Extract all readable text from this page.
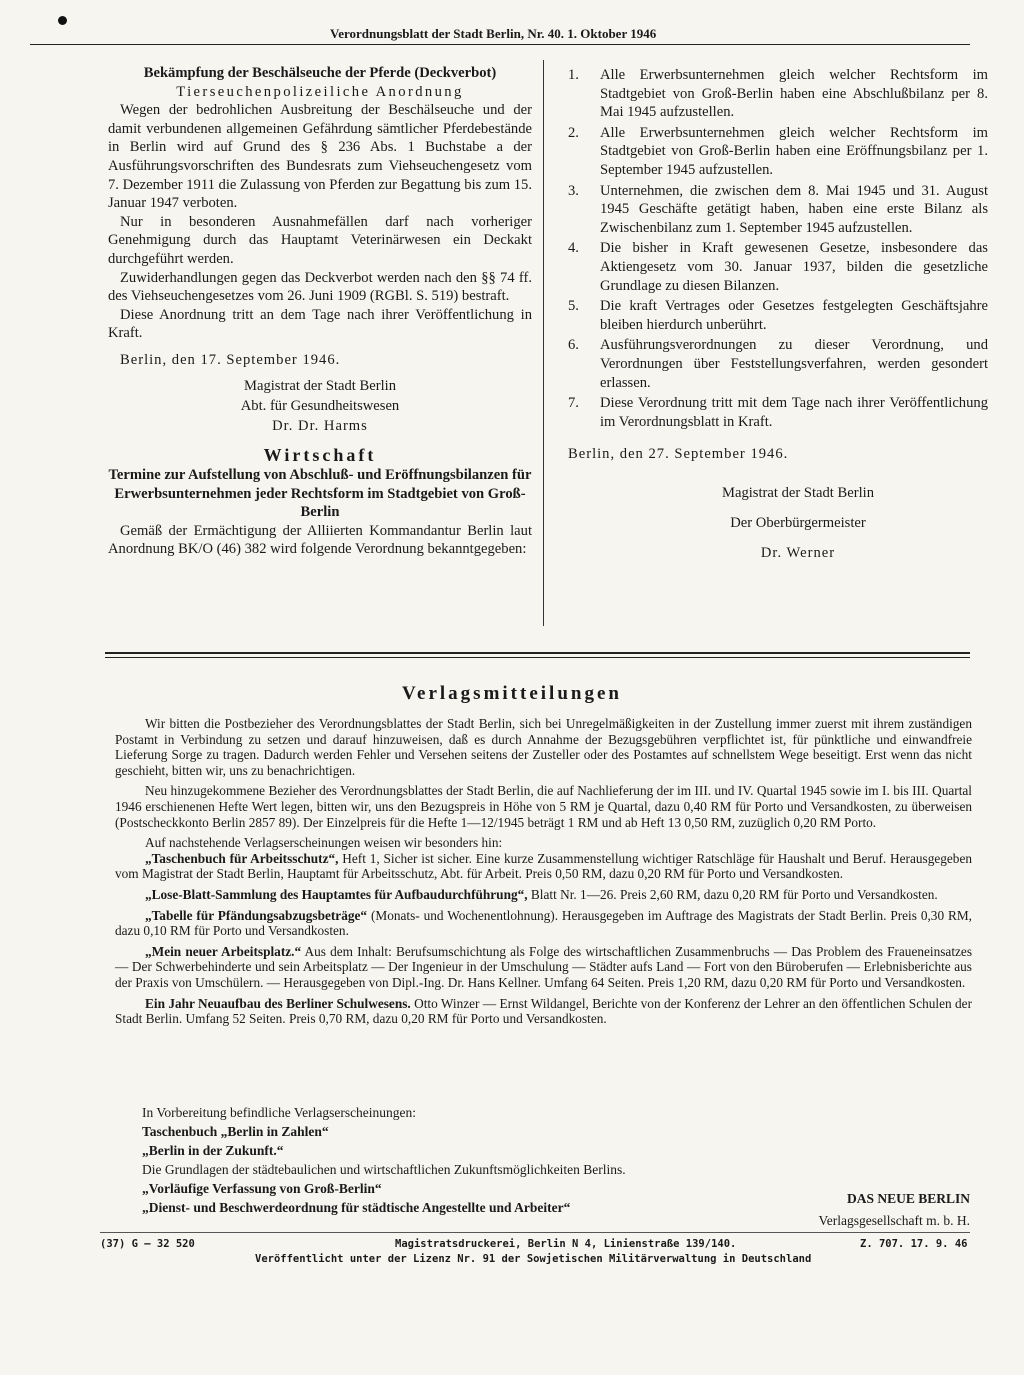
Verordnungsblatt der Stadt Berlin, Nr. 40. 1. Oktober 1946
Bekämpfung der Beschälseuche der Pferde (Deckverbot)
Tierseuchenpolizeiliche Anordnung

Wegen der bedrohlichen Ausbreitung der Beschälseuche und der damit verbundenen allgemeinen Gefährdung sämtlicher Pferdebestände in Berlin wird auf Grund des § 236 Abs. 1 Buchstabe a der Ausführungsvorschriften des Bundesrats zum Viehseuchengesetz vom 7. Dezember 1911 die Zulassung von Pferden zur Begattung bis zum 15. Januar 1947 verboten.

Nur in besonderen Ausnahmefällen darf nach vorheriger Genehmigung durch das Hauptamt Veterinärwesen ein Deckakt durchgeführt werden.

Zuwiderhandlungen gegen das Deckverbot werden nach den §§ 74 ff. des Viehseuchengesetzes vom 26. Juni 1909 (RGBl. S. 519) bestraft.

Diese Anordnung tritt an dem Tage nach ihrer Veröffentlichung in Kraft.

Berlin, den 17. September 1946.
Magistrat der Stadt Berlin
Abt. für Gesundheitswesen
Dr. Dr. Harms
Wirtschaft
Termine zur Aufstellung von Abschluß- und Eröffnungsbilanzen für Erwerbsunternehmen jeder Rechtsform im Stadtgebiet von Groß-Berlin

Gemäß der Ermächtigung der Alliierten Kommandantur Berlin laut Anordnung BK/O (46) 382 wird folgende Verordnung bekanntgegeben:

1.	Alle Erwerbsunternehmen gleich welcher Rechtsform im Stadtgebiet von Groß-Berlin haben eine Abschlußbilanz per 8. Mai 1945 aufzustellen.
2.	Alle Erwerbsunternehmen gleich welcher Rechtsform im Stadtgebiet von Groß-Berlin haben eine Eröffnungsbilanz per 1. September 1945 aufzustellen.
3.	Unternehmen, die zwischen dem 8. Mai 1945 und 31. August 1945 Geschäfte getätigt haben, haben eine erste Bilanz als Zwischenbilanz zum 1. September 1945 aufzustellen.
4.	Die bisher in Kraft gewesenen Gesetze, insbesondere das Aktiengesetz vom 30. Januar 1937, bilden die gesetzliche Grundlage zu diesen Bilanzen.
5.	Die kraft Vertrages oder Gesetzes festgelegten Geschäftsjahre bleiben hierdurch unberührt.
6.	Ausführungsverordnungen zu dieser Verordnung, und Verordnungen über Feststellungsverfahren, werden gesondert erlassen.
7.	Diese Verordnung tritt mit dem Tage nach ihrer Veröffentlichung im Verordnungsblatt in Kraft.
Berlin, den 27. September 1946.
Magistrat der Stadt Berlin
Der Oberbürgermeister
Dr. Werner
Verlagsmitteilungen

Wir bitten die Postbezieher des Verordnungsblattes der Stadt Berlin, sich bei Unregelmäßigkeiten in der Zustellung immer zuerst mit ihrem zuständigen Postamt in Verbindung zu setzen und darauf hinzuweisen, daß es durch Annahme der Bezugsgebühren verpflichtet ist, für pünktliche und einwandfreie Lieferung Sorge zu tragen. Dadurch werden Fehler und Versehen seitens der Zusteller oder des Postamtes auf schnellstem Wege beseitigt. Erst wenn das nicht geschieht, bitten wir, uns zu benachrichtigen.

Neu hinzugekommene Bezieher des Verordnungsblattes der Stadt Berlin, die auf Nachlieferung der im III. und IV. Quartal 1945 sowie im I. bis III. Quartal 1946 erschienenen Hefte Wert legen, bitten wir, uns den Bezugspreis in Höhe von 5 RM je Quartal, dazu 0,40 RM für Porto und Versandkosten, zu überweisen (Postscheckkonto Berlin 2857 89). Der Einzelpreis für die Hefte 1—12/1945 beträgt 1 RM und ab Heft 13 0,50 RM, zuzüglich 0,20 RM Porto.

Auf nachstehende Verlagserscheinungen weisen wir besonders hin:

„Taschenbuch für Arbeitsschutz“, Heft 1, Sicher ist sicher. Eine kurze Zusammenstellung wichtiger Ratschläge für Haushalt und Beruf. Herausgegeben vom Magistrat der Stadt Berlin, Hauptamt für Arbeitsschutz, Abt. für Arbeit. Preis 0,50 RM, dazu 0,20 RM für Porto und Versandkosten.

„Lose-Blatt-Sammlung des Hauptamtes für Aufbaudurchführung“, Blatt Nr. 1—26. Preis 2,60 RM, dazu 0,20 RM für Porto und Versandkosten.

„Tabelle für Pfändungsabzugsbeträge“ (Monats- und Wochenentlohnung). Herausgegeben im Auftrage des Magistrats der Stadt Berlin. Preis 0,30 RM, dazu 0,10 RM für Porto und Versandkosten.

„Mein neuer Arbeitsplatz.“ Aus dem Inhalt: Berufsumschichtung als Folge des wirtschaftlichen Zusammenbruchs — Das Problem des Fraueneinsatzes — Der Schwerbehinderte und sein Arbeitsplatz — Der Ingenieur in der Umschulung — Städter aufs Land — Fort von den Büroberufen — Erlebnisberichte aus der Praxis von Umschülern. — Herausgegeben von Dipl.-Ing. Dr. Hans Kellner. Umfang 64 Seiten. Preis 1,20 RM, dazu 0,20 RM für Porto und Versandkosten.

Ein Jahr Neuaufbau des Berliner Schulwesens. Otto Winzer — Ernst Wildangel, Berichte von der Konferenz der Lehrer an den öffentlichen Schulen der Stadt Berlin. Umfang 52 Seiten. Preis 0,70 RM, dazu 0,20 RM für Porto und Versandkosten.

In Vorbereitung befindliche Verlagserscheinungen:
Taschenbuch „Berlin in Zahlen“
„Berlin in der Zukunft.“
Die Grundlagen der städtebaulichen und wirtschaftlichen Zukunftsmöglichkeiten Berlins.
„Vorläufige Verfassung von Groß-Berlin“
„Dienst- und Beschwerdeordnung für städtische Angestellte und Arbeiter“
DAS NEUE BERLIN
Verlagsgesellschaft m. b. H.
(37) G — 32 520	Magistratsdruckerei, Berlin N 4, Linienstraße 139/140.	Z. 707. 17. 9. 46
Veröffentlicht unter der Lizenz Nr. 91 der Sowjetischen Militärverwaltung in Deutschland
